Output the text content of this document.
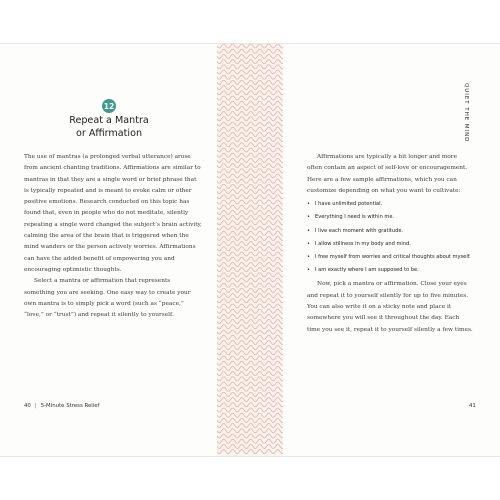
QUIET THE MIND
12
Repeat a Mantra
or Affirmation

The use of mantras (a prolonged verbal utterance) arose from ancient chanting traditions. Affirmations are similar to mantras in that they are a single word or brief phrase that is typically repeated and is meant to evoke calm or other positive emotions. Research conducted on this topic has found that, even in people who do not meditate, silently repeating a single word changed the subject’s brain activity, calming the area of the brain that is triggered when the mind wanders or the person actively worries. Affirmations can have the added benefit of empowering you and encouraging optimistic thoughts.

Select a mantra or affirmation that represents something you are seeking. One easy way to create your own mantra is to simply pick a word (such as “peace,” “love,” or “trust”) and repeat it silently to yourself.

Affirmations are typically a bit longer and more often contain an aspect of self-love or encouragement. Here are a few sample affirmations, which you can customize depending on what you want to cultivate:

• I have unlimited potential.
• Everything I need is within me.
• I live each moment with gratitude.
• I allow stillness in my body and mind.
• I free myself from worries and critical thoughts about myself.
• I am exactly where I am supposed to be.

Now, pick a mantra or affirmation. Close your eyes and repeat it to yourself silently for up to five minutes. You can also write it on a sticky note and place it somewhere you will see it throughout the day. Each time you see it, repeat it to yourself silently a few times.

40 | 5-Minute Stress Relief	41
